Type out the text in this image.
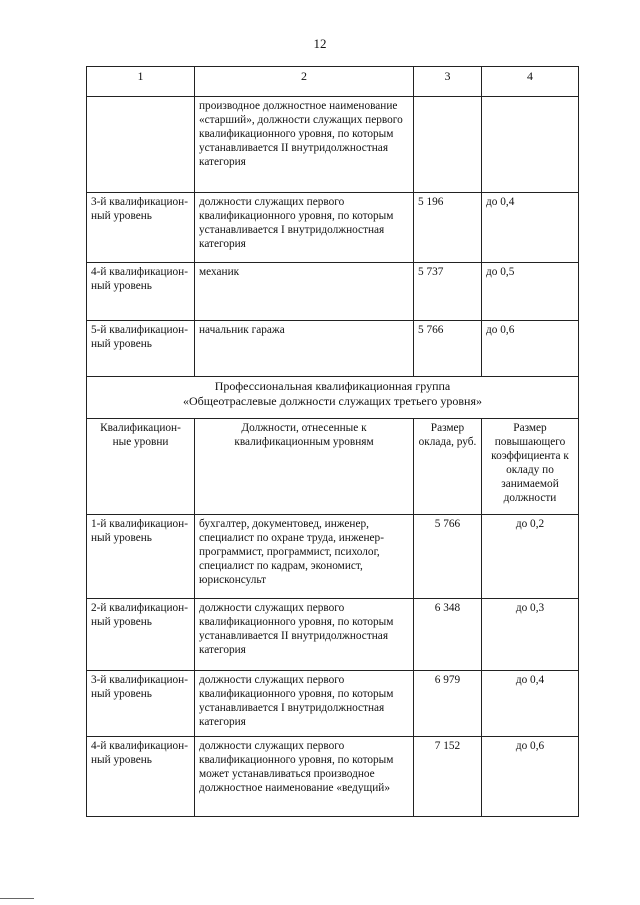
12
1	2	3	4
	производное должностное наименование «старший», должности служащих первого квалификационного уровня, по которым устанавливается II внутридолжностная категория		
3-й квалификацион-ный уровень	должности служащих первого квалификационного уровня, по которым устанавливается I внутридолжностная категория	5 196	до 0,4
4-й квалификацион-ный уровень	механик	5 737	до 0,5
5-й квалификацион-ный уровень	начальник гаража	5 766	до 0,6

Профессиональная квалификационная группа
«Общеотраслевые должности служащих третьего уровня»			

Квалификацион-ные уровни	Должности, отнесенные к квалификационным уровням	Размер оклада, руб.	Размер повышающего коэффициента к окладу по занимаемой должности
1-й квалификацион-ный уровень	бухгалтер, документовед, инженер, специалист по охране труда, инженер-программист, программист, психолог, специалист по кадрам, экономист, юрисконсульт	5 766	до 0,2
2-й квалификацион-ный уровень	должности служащих первого квалификационного уровня, по которым устанавливается II внутридолжностная категория	6 348	до 0,3
3-й квалификацион-ный уровень	должности служащих первого квалификационного уровня, по которым устанавливается I внутридолжностная категория	6 979	до 0,4
4-й квалификацион-ный уровень	должности служащих первого квалификационного уровня, по которым может устанавливаться производное должностное наименование «ведущий»	7 152	до 0,6
